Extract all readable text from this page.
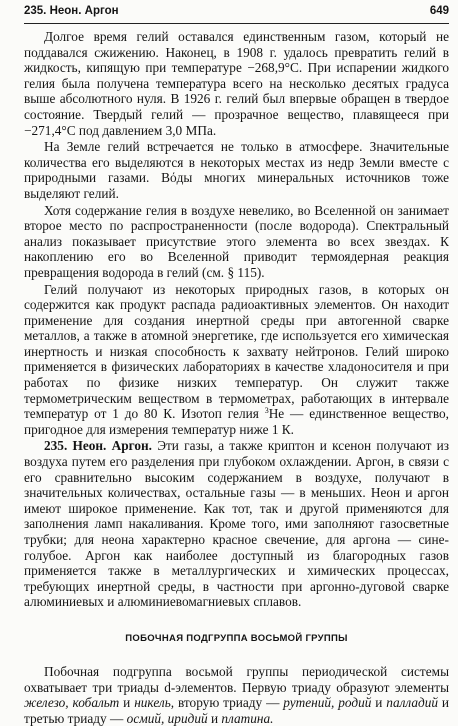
235. Неон. Аргон	649

Долгое время гелий оставался единственным газом, который не поддавался сжижению. Наконец, в 1908 г. удалось превратить гелий в жидкость, кипящую при температуре −268,9°С. При испарении жидкого гелия была получена температура всего на несколько десятых градуса выше абсолютного нуля. В 1926 г. гелий был впервые обращен в твердое состояние. Твердый гелий — прозрачное вещество, плавящееся при −271,4°С под давлением 3,0 МПа.

На Земле гелий встречается не только в атмосфере. Значительные количества его выделяются в некоторых местах из недр Земли вместе с природными газами. Вόды многих минеральных источников тоже выделяют гелий.

Хотя содержание гелия в воздухе невелико, во Вселенной он занимает второе место по распространенности (после водорода). Спектральный анализ показывает присутствие этого элемента во всех звездах. К накоплению его во Вселенной приводит термоядерная реакция превращения водорода в гелий (см. § 115).

Гелий получают из некоторых природных газов, в которых он содержится как продукт распада радиоактивных элементов. Он находит применение для создания инертной среды при автогенной сварке металлов, а также в атомной энергетике, где используется его химическая инертность и низкая способность к захвату нейтронов. Гелий широко применяется в физических лабораториях в качестве хладоносителя и при работах по физике низких температур. Он служит также термометрическим веществом в термометрах, работающих в интервале температур от 1 до 80 К. Изотоп гелия $^3$He — единственное вещество, пригодное для измерения температур ниже 1 К.

235. Неон. Аргон. Эти газы, а также криптон и ксенон получают из воздуха путем его разделения при глубоком охлаждении. Аргон, в связи с его сравнительно высоким содержанием в воздухе, получают в значительных количествах, остальные газы — в меньших. Неон и аргон имеют широкое применение. Как тот, так и другой применяются для заполнения ламп накаливания. Кроме того, ими заполняют газосветные трубки; для неона характерно красное свечение, для аргона — сине-голубое. Аргон как наиболее доступный из благородных газов применяется также в металлургических и химических процессах, требующих инертной среды, в частности при аргонно-дуговой сварке алюминиевых и алюминиевомагниевых сплавов.

ПОБОЧНАЯ ПОДГРУППА ВОСЬМОЙ ГРУППЫ

Побочная подгруппа восьмой группы периодической системы охватывает три триады d-элементов. Первую триаду образуют элементы железо, кобальт и никель, вторую триаду — рутений, родий и палладий и третью триаду — осмий, иридий и платина.
